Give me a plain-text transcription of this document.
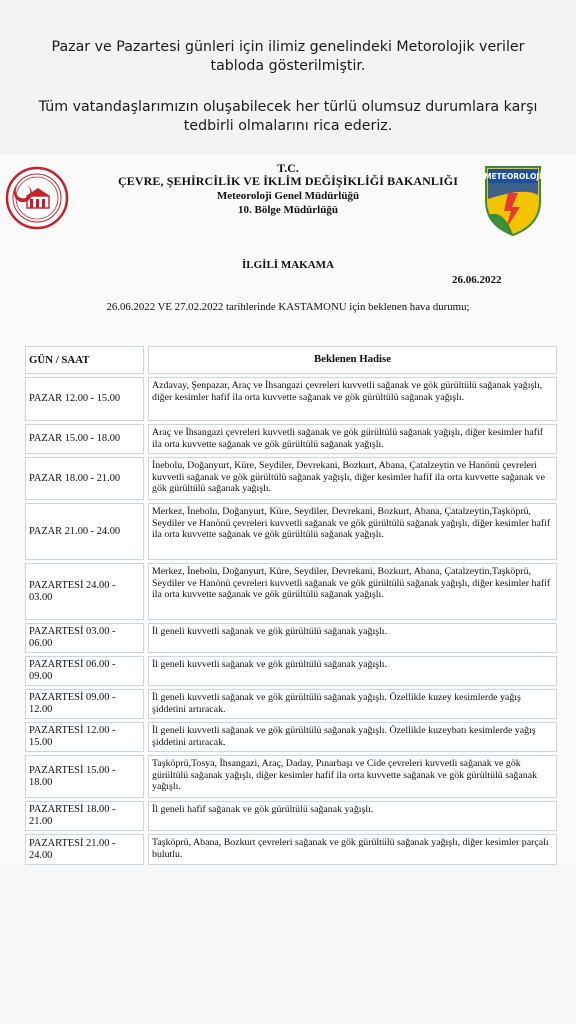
Pazar ve Pazartesi günleri için ilimiz genelindeki Metorolojik veriler tabloda gösterilmiştir.

Tüm vatandaşlarımızın oluşabilecek her türlü olumsuz durumlara karşı tedbirli olmalarını rica ederiz.

T.C.
ÇEVRE, ŞEHİRCİLİK VE İKLİM DEĞİŞİKLİĞİ BAKANLIĞI
Meteoroloji Genel Müdürlüğü
10. Bölge Müdürlüğü
METEOROLOJİ
İLGİLİ MAKAMA
26.06.2022
26.06.2022 VE 27.02.2022 tarihlerinde KASTAMONU için beklenen hava durumu;
GÜN / SAAT	Beklenen Hadise
PAZAR 12.00 - 15.00
Azdavay, Şenpazar, Araç ve İhsangazi çevreleri kuvvetli sağanak ve gök gürültülü sağanak yağışlı, diğer kesimler hafif ila orta kuvvette sağanak ve gök gürültülü sağanak yağışlı.
PAZAR 15.00 - 18.00
Araç ve İhsangazi çevreleri kuvvetli sağanak ve gök gürültülü sağanak yağışlı, diğer kesimler hafif ila orta kuvvette sağanak ve gök gürültülü sağanak yağışlı.
PAZAR 18.00 - 21.00
İnebolu, Doğanyurt, Küre, Seydiler, Devrekani, Bozkurt, Abana, Çatalzeytin ve Hanönü çevreleri kuvvetli sağanak ve gök gürültülü sağanak yağışlı, diğer kesimler hafif ila orta kuvvette sağanak ve gök gürültülü sağanak yağışlı.
PAZAR 21.00 - 24.00
Merkez, İnebolu, Doğanyurt, Küre, Seydiler, Devrekani, Bozkurt, Abana, Çatalzeytin,Taşköprü, Seydiler ve Hanönü çevreleri kuvvetli sağanak ve gök gürültülü sağanak yağışlı, diğer kesimler hafif ila orta kuvvette sağanak ve gök gürültülü sağanak yağışlı.
PAZARTESİ 24.00 -
03.00
Merkez, İnebolu, Doğanyurt, Küre, Seydiler, Devrekani, Bozkurt, Abana, Çatalzeytin,Taşköprü, Seydiler ve Hanönü çevreleri kuvvetli sağanak ve gök gürültülü sağanak yağışlı, diğer kesimler hafif ila orta kuvvette sağanak ve gök gürültülü sağanak yağışlı.
PAZARTESİ 03.00 -
06.00
İl geneli kuvvetli sağanak ve gök gürültülü sağanak yağışlı.
PAZARTESİ 06.00 -
09.00
İl geneli kuvvetli sağanak ve gök gürültülü sağanak yağışlı.
PAZARTESİ 09.00 -
12.00
İl geneli kuvvetli sağanak ve gök gürültülü sağanak yağışlı. Özellikle kuzey kesimlerde yağış şiddetini artıracak.
PAZARTESİ 12.00 -
15.00
İl geneli kuvvetli sağanak ve gök gürültülü sağanak yağışlı. Özellikle kuzeybatı kesimlerde yağış şiddetini artıracak.
PAZARTESİ 15.00 -
18.00
Taşköprü,Tosya, İhsangazi, Araç, Daday, Pınarbaşı ve Cide çevreleri kuvvetli sağanak ve gök gürültülü sağanak yağışlı, diğer kesimler hafif ila orta kuvvette sağanak ve gök gürültülü sağanak yağışlı.
PAZARTESİ 18.00 -
21.00
İl geneli hafif sağanak ve gök gürültülü sağanak yağışlı.
PAZARTESİ 21.00 -
24.00
Taşköprü, Abana, Bozkurt çevreleri sağanak ve gök gürültülü sağanak yağışlı, diğer kesimler parçalı bulutlu.
